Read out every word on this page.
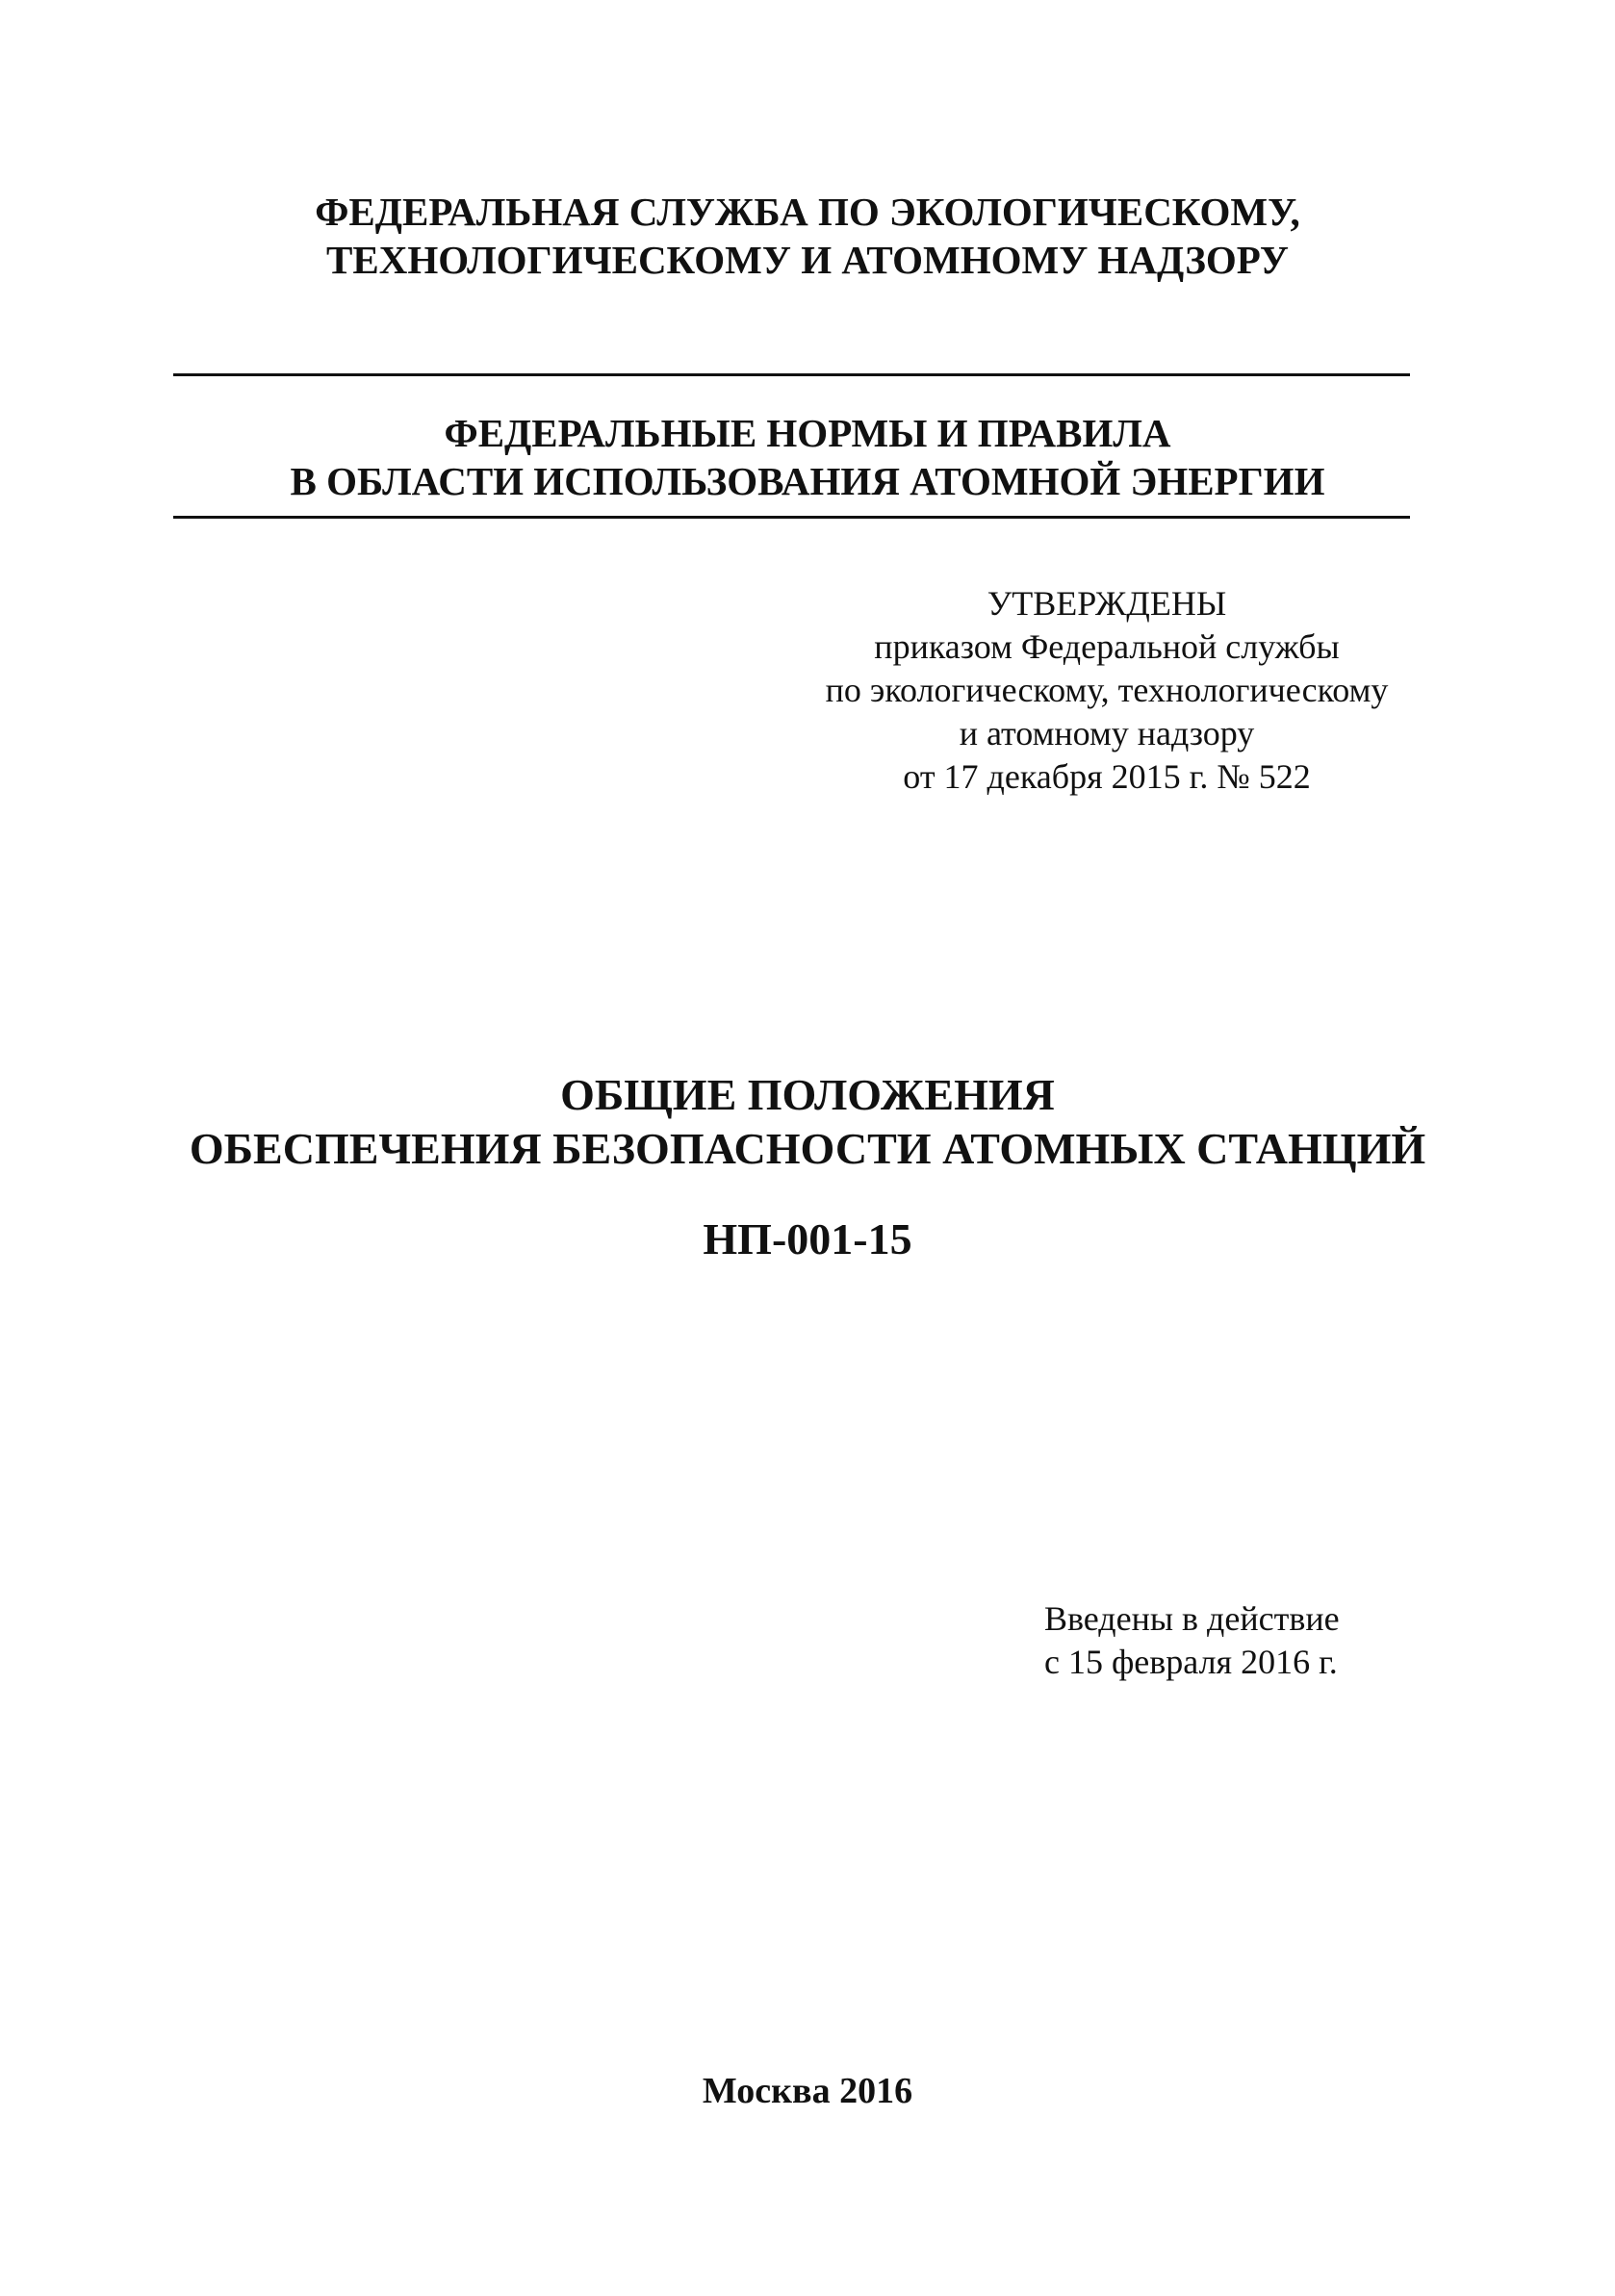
ФЕДЕРАЛЬНАЯ СЛУЖБА ПО ЭКОЛОГИЧЕСКОМУ,
ТЕХНОЛОГИЧЕСКОМУ И АТОМНОМУ НАДЗОРУ
ФЕДЕРАЛЬНЫЕ НОРМЫ И ПРАВИЛА
В ОБЛАСТИ ИСПОЛЬЗОВАНИЯ АТОМНОЙ ЭНЕРГИИ
УТВЕРЖДЕНЫ
приказом Федеральной службы
по экологическому, технологическому
и атомному надзору
от 17 декабря 2015 г. № 522
ОБЩИЕ ПОЛОЖЕНИЯ
ОБЕСПЕЧЕНИЯ БЕЗОПАСНОСТИ АТОМНЫХ СТАНЦИЙ
НП-001-15
Введены в действие
с 15 февраля 2016 г.
Москва 2016
